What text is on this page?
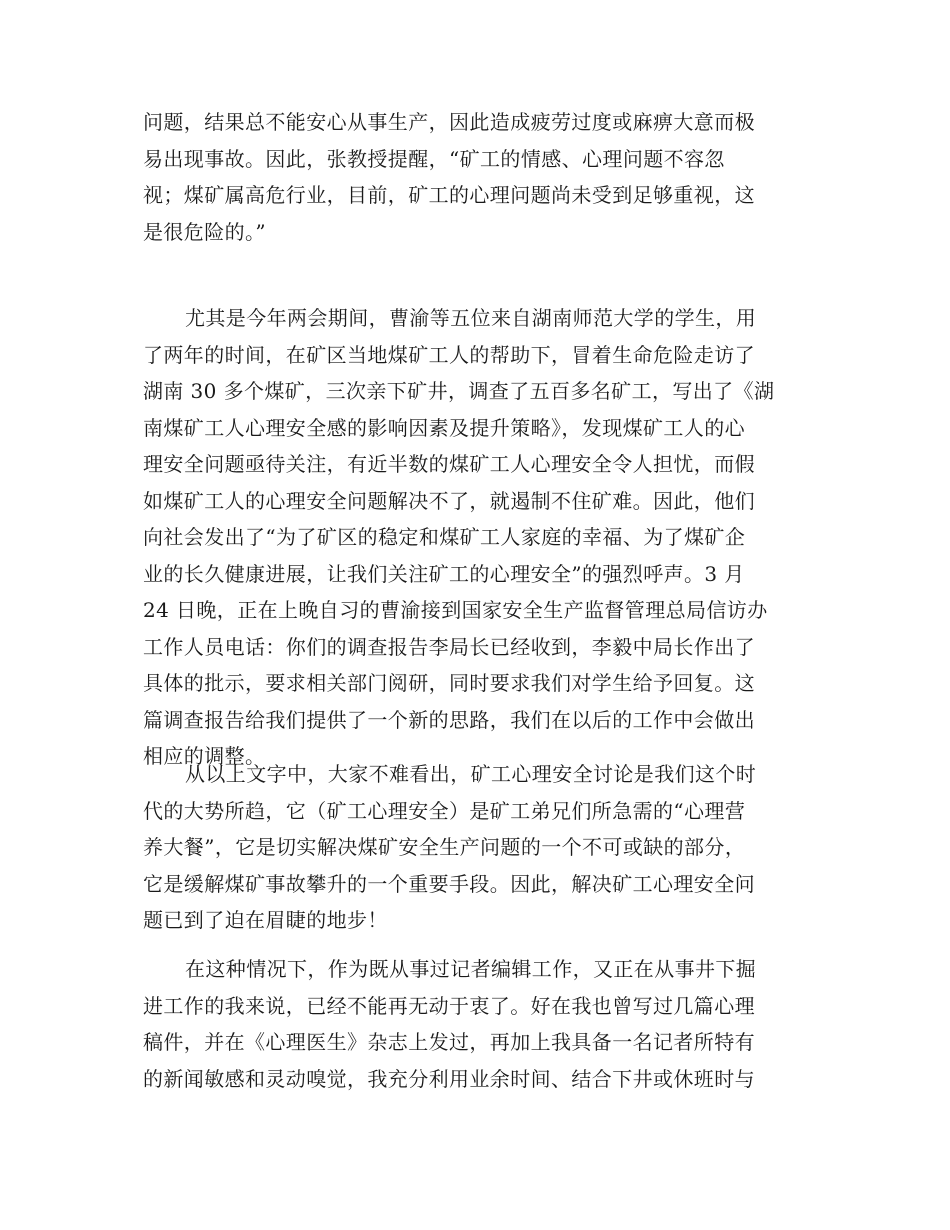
问题，结果总不能安心从事生产，因此造成疲劳过度或麻痹大意而极
易出现事故。因此，张教授提醒，“矿工的情感、心理问题不容忽
视；煤矿属高危行业，目前，矿工的心理问题尚未受到足够重视，这
是很危险的。”
尤其是今年两会期间，曹渝等五位来自湖南师范大学的学生，用
了两年的时间，在矿区当地煤矿工人的帮助下，冒着生命危险走访了
湖南 30 多个煤矿，三次亲下矿井，调查了五百多名矿工，写出了《湖
南煤矿工人心理安全感的影响因素及提升策略》，发现煤矿工人的心
理安全问题亟待关注，有近半数的煤矿工人心理安全令人担忧，而假
如煤矿工人的心理安全问题解决不了，就遏制不住矿难。因此，他们
向社会发出了“为了矿区的稳定和煤矿工人家庭的幸福、为了煤矿企
业的长久健康进展，让我们关注矿工的心理安全”的强烈呼声。3 月
24 日晚，正在上晚自习的曹渝接到国家安全生产监督管理总局信访办
工作人员电话：你们的调查报告李局长已经收到，李毅中局长作出了
具体的批示，要求相关部门阅研，同时要求我们对学生给予回复。这
篇调查报告给我们提供了一个新的思路，我们在以后的工作中会做出
相应的调整。
从以上文字中，大家不难看出，矿工心理安全讨论是我们这个时
代的大势所趋，它（矿工心理安全）是矿工弟兄们所急需的“心理营
养大餐”，它是切实解决煤矿安全生产问题的一个不可或缺的部分，
它是缓解煤矿事故攀升的一个重要手段。因此，解决矿工心理安全问
题已到了迫在眉睫的地步！
在这种情况下，作为既从事过记者编辑工作，又正在从事井下掘
进工作的我来说，已经不能再无动于衷了。好在我也曾写过几篇心理
稿件，并在《心理医生》杂志上发过，再加上我具备一名记者所特有
的新闻敏感和灵动嗅觉，我充分利用业余时间、结合下井或休班时与
